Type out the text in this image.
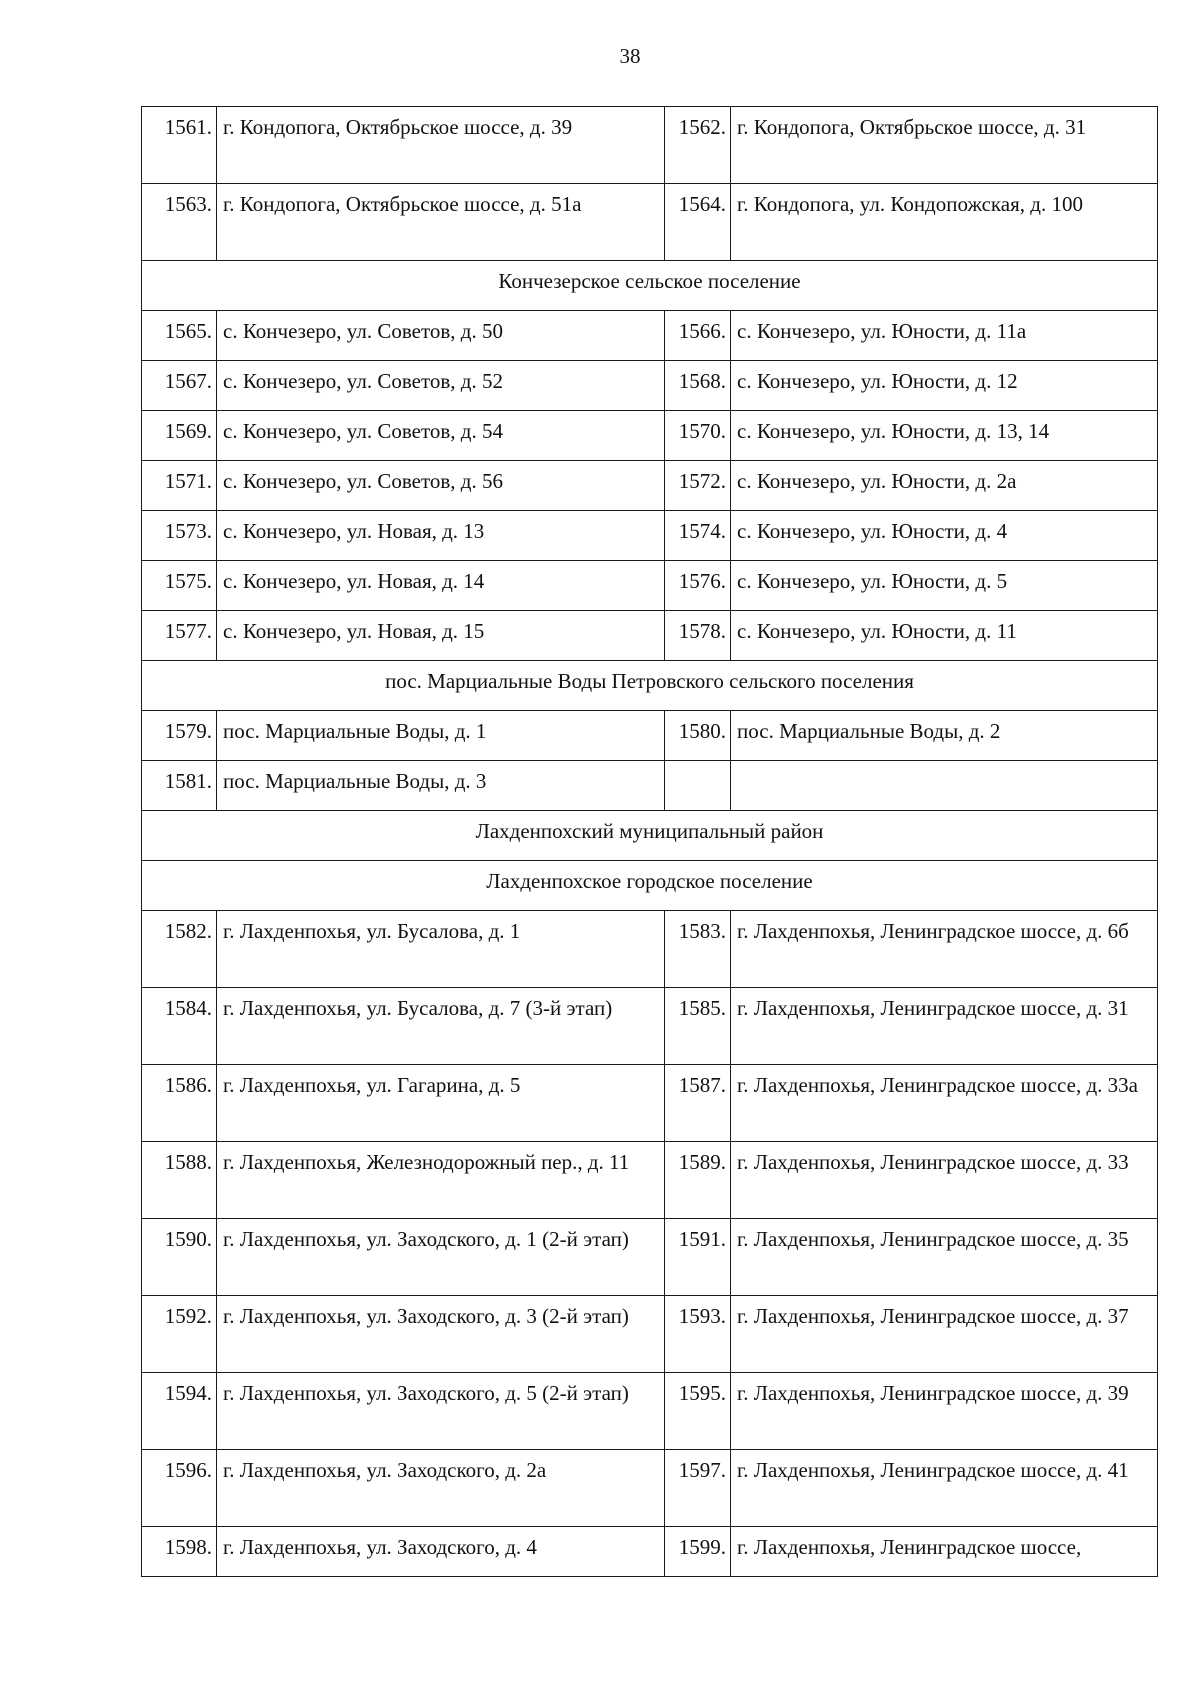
38
1561.	г. Кондопога, Октябрьское шоссе, д. 39	1562.	г. Кондопога, Октябрьское шоссе, д. 31
1563.	г. Кондопога, Октябрьское шоссе, д. 51а	1564.	г. Кондопога, ул. Кондопожская, д. 100
Кончезерское сельское поселение			
1565.	с. Кончезеро, ул. Советов, д. 50	1566.	с. Кончезеро, ул. Юности, д. 11а
1567.	с. Кончезеро, ул. Советов, д. 52	1568.	с. Кончезеро, ул. Юности, д. 12
1569.	с. Кончезеро, ул. Советов, д. 54	1570.	с. Кончезеро, ул. Юности, д. 13, 14
1571.	с. Кончезеро, ул. Советов, д. 56	1572.	с. Кончезеро, ул. Юности, д. 2а
1573.	с. Кончезеро, ул. Новая, д. 13	1574.	с. Кончезеро, ул. Юности, д. 4
1575.	с. Кончезеро, ул. Новая, д. 14	1576.	с. Кончезеро, ул. Юности, д. 5
1577.	с. Кончезеро, ул. Новая, д. 15	1578.	с. Кончезеро, ул. Юности, д. 11
пос. Марциальные Воды Петровского сельского поселения			
1579.	пос. Марциальные Воды, д. 1	1580.	пос. Марциальные Воды, д. 2
1581.	пос. Марциальные Воды, д. 3		
Лахденпохский муниципальный район			
Лахденпохское городское поселение			
1582.	г. Лахденпохья, ул. Бусалова, д. 1	1583.	г. Лахденпохья, Ленинградское шоссе, д. 6б
1584.	г. Лахденпохья, ул. Бусалова, д. 7 (3-й этап)	1585.	г. Лахденпохья, Ленинградское шоссе, д. 31
1586.	г. Лахденпохья, ул. Гагарина, д. 5	1587.	г. Лахденпохья, Ленинградское шоссе, д. 33а
1588.	г. Лахденпохья, Железнодорожный пер., д. 11	1589.	г. Лахденпохья, Ленинградское шоссе, д. 33
1590.	г. Лахденпохья, ул. Заходского, д. 1 (2-й этап)	1591.	г. Лахденпохья, Ленинградское шоссе, д. 35
1592.	г. Лахденпохья, ул. Заходского, д. 3 (2-й этап)	1593.	г. Лахденпохья, Ленинградское шоссе, д. 37
1594.	г. Лахденпохья, ул. Заходского, д. 5 (2-й этап)	1595.	г. Лахденпохья, Ленинградское шоссе, д. 39
1596.	г. Лахденпохья, ул. Заходского, д. 2а	1597.	г. Лахденпохья, Ленинградское шоссе, д. 41
1598.	г. Лахденпохья, ул. Заходского, д. 4	1599.	г. Лахденпохья, Ленинградское шоссе,
